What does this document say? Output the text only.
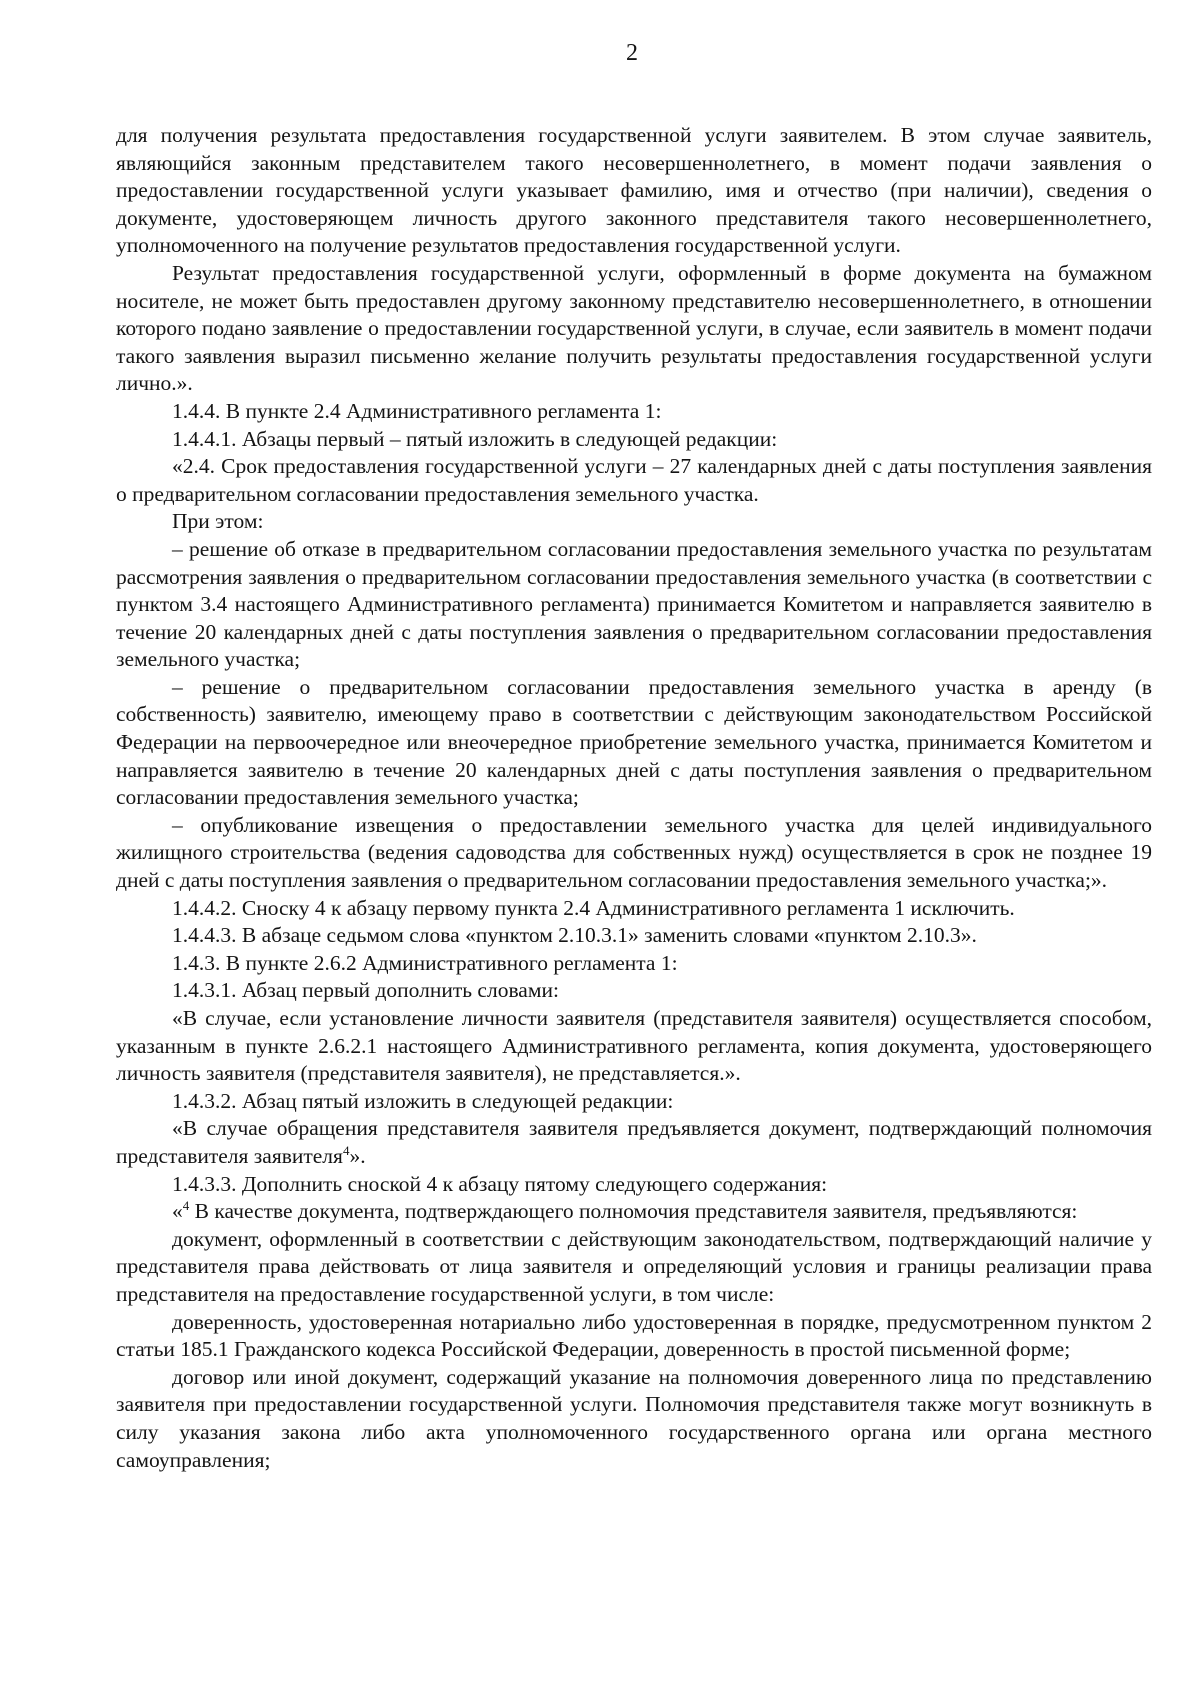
2

для получения результата предоставления государственной услуги заявителем. В этом случае заявитель, являющийся законным представителем такого несовершеннолетнего, в момент подачи заявления о предоставлении государственной услуги указывает фамилию, имя и отчество (при наличии), сведения о документе, удостоверяющем личность другого законного представителя такого несовершеннолетнего, уполномоченного на получение результатов предоставления государственной услуги.

Результат предоставления государственной услуги, оформленный в форме документа на бумажном носителе, не может быть предоставлен другому законному представителю несовершеннолетнего, в отношении которого подано заявление о предоставлении государственной услуги, в случае, если заявитель в момент подачи такого заявления выразил письменно желание получить результаты предоставления государственной услуги лично.».

1.4.4. В пункте 2.4 Административного регламента 1:

1.4.4.1. Абзацы первый – пятый изложить в следующей редакции:

«2.4. Срок предоставления государственной услуги – 27 календарных дней с даты поступления заявления о предварительном согласовании предоставления земельного участка.

При этом:

– решение об отказе в предварительном согласовании предоставления земельного участка по результатам рассмотрения заявления о предварительном согласовании предоставления земельного участка (в соответствии с пунктом 3.4 настоящего Административного регламента) принимается Комитетом и направляется заявителю в течение 20 календарных дней с даты поступления заявления о предварительном согласовании предоставления земельного участка;

– решение о предварительном согласовании предоставления земельного участка в аренду (в собственность) заявителю, имеющему право в соответствии с действующим законодательством Российской Федерации на первоочередное или внеочередное приобретение земельного участка, принимается Комитетом и направляется заявителю в течение 20 календарных дней с даты поступления заявления о предварительном согласовании предоставления земельного участка;

– опубликование извещения о предоставлении земельного участка для целей индивидуального жилищного строительства (ведения садоводства для собственных нужд) осуществляется в срок не позднее 19 дней с даты поступления заявления о предварительном согласовании предоставления земельного участка;».

1.4.4.2. Сноску 4 к абзацу первому пункта 2.4 Административного регламента 1 исключить.

1.4.4.3. В абзаце седьмом слова «пунктом 2.10.3.1» заменить словами «пунктом 2.10.3».

1.4.3. В пункте 2.6.2 Административного регламента 1:

1.4.3.1. Абзац первый дополнить словами:

«В случае, если установление личности заявителя (представителя заявителя) осуществляется способом, указанным в пункте 2.6.2.1 настоящего Административного регламента, копия документа, удостоверяющего личность заявителя (представителя заявителя), не представляется.».

1.4.3.2. Абзац пятый изложить в следующей редакции:

«В случае обращения представителя заявителя предъявляется документ, подтверждающий полномочия представителя заявителя$^4$».

1.4.3.3. Дополнить сноской 4 к абзацу пятому следующего содержания:

«$^4$ В качестве документа, подтверждающего полномочия представителя заявителя, предъявляются:

документ, оформленный в соответствии с действующим законодательством, подтверждающий наличие у представителя права действовать от лица заявителя и определяющий условия и границы реализации права представителя на предоставление государственной услуги, в том числе:

доверенность, удостоверенная нотариально либо удостоверенная в порядке, предусмотренном пунктом 2 статьи 185.1 Гражданского кодекса Российской Федерации, доверенность в простой письменной форме;

договор или иной документ, содержащий указание на полномочия доверенного лица по представлению заявителя при предоставлении государственной услуги. Полномочия представителя также могут возникнуть в силу указания закона либо акта уполномоченного государственного органа или органа местного самоуправления;
